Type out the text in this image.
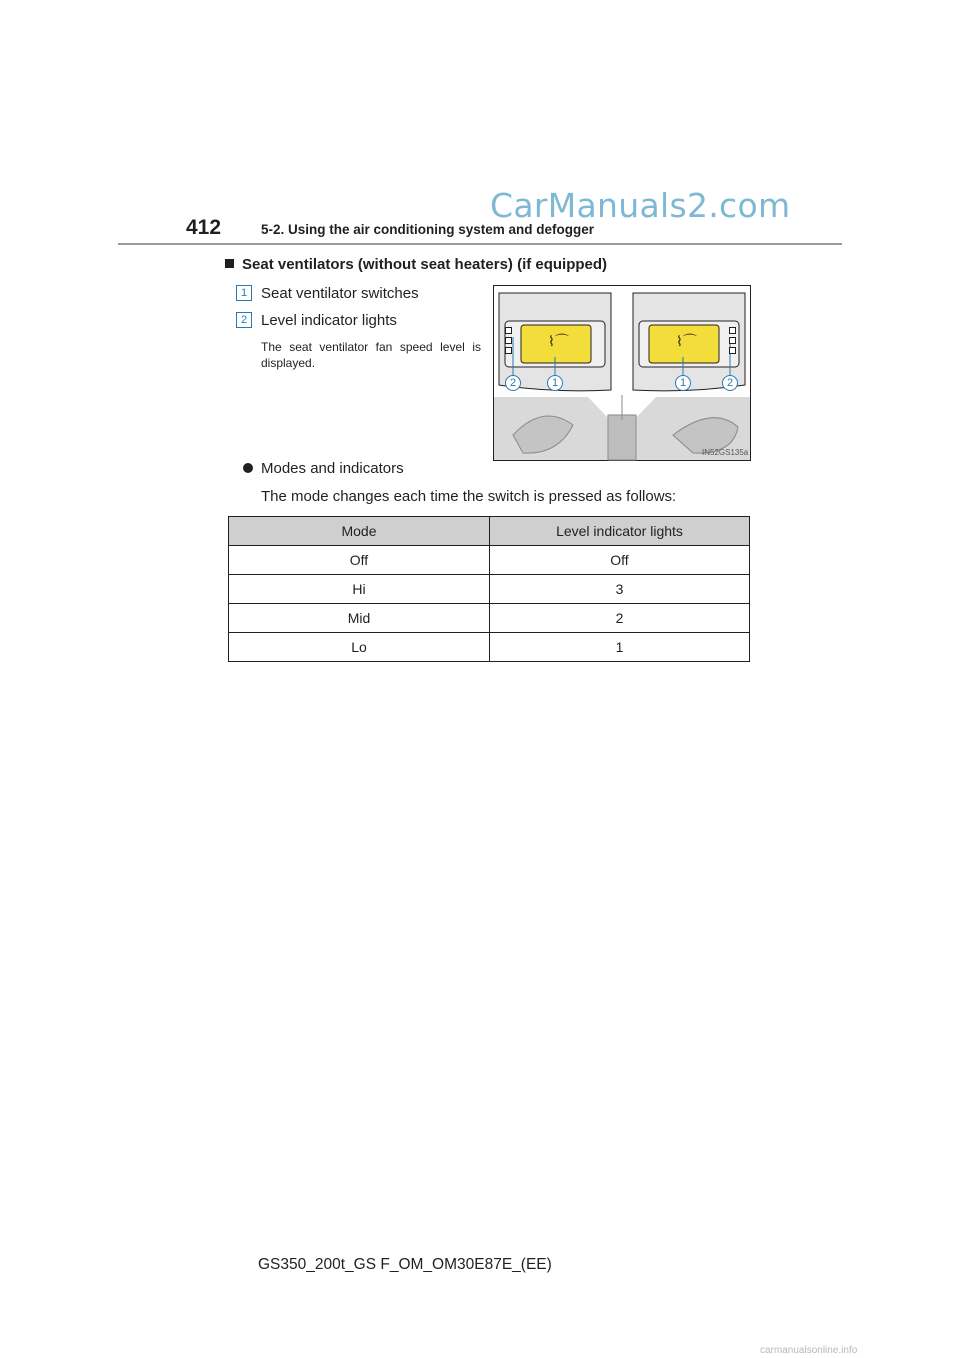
CarManuals2.com
412	5-2. Using the air conditioning system and defogger
Seat ventilators (without seat heaters) (if equipped)
1 Seat ventilator switches
2 Level indicator lights
The seat ventilator fan speed level is displayed.
⌇⌒	⌇⌒
2	1	1	2
IN52GS135a
Modes and indicators
The mode changes each time the switch is pressed as follows:
Mode	Level indicator lights
Off	Off
Hi	3
Mid	2
Lo	1
GS350_200t_GS F_OM_OM30E87E_(EE)
carmanualsonline.info
